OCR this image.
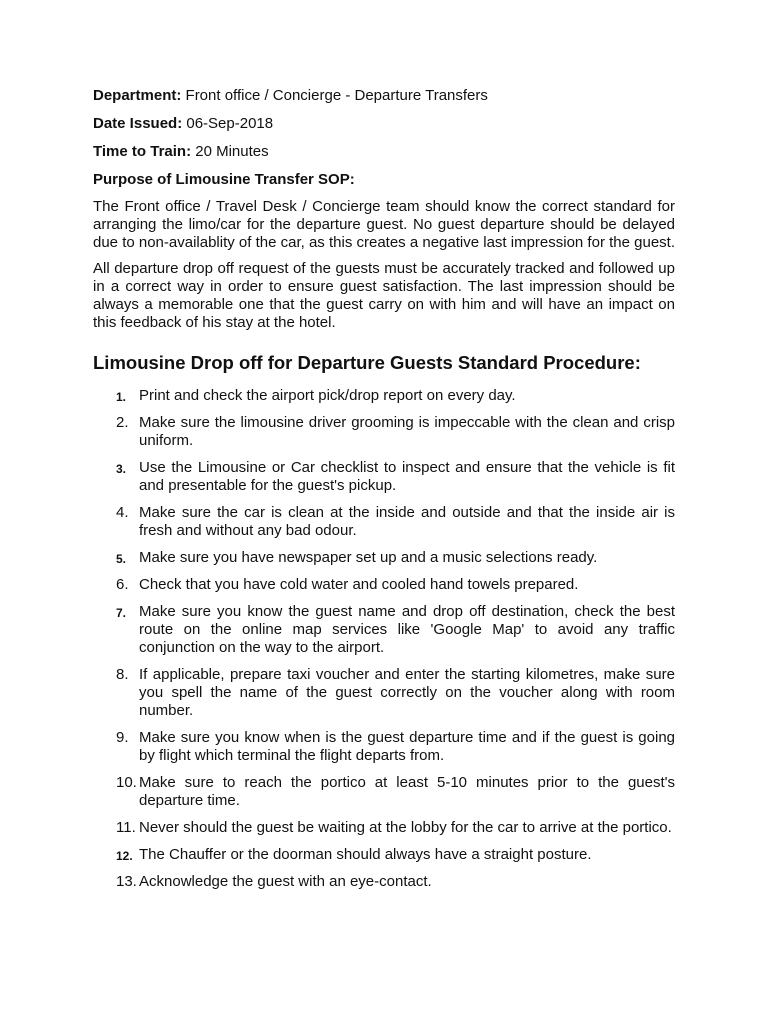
Department: Front office / Concierge - Departure Transfers

Date Issued: 06-Sep-2018

Time to Train: 20 Minutes

Purpose of Limousine Transfer SOP:

The Front office / Travel Desk / Concierge team should know the correct standard for arranging the limo/car for the departure guest. No guest departure should be delayed due to non-availablity of the car, as this creates a negative last impression for the guest.

All departure drop off request of the guests must be accurately tracked and followed up in a correct way in order to ensure guest satisfaction. The last impression should be always a memorable one that the guest carry on with him and will have an impact on this feedback of his stay at the hotel.

Limousine Drop off for Departure Guests Standard Procedure:
1. Print and check the airport pick/drop report on every day.
2. Make sure the limousine driver grooming is impeccable with the clean and crisp uniform.
3. Use the Limousine or Car checklist to inspect and ensure that the vehicle is fit and presentable for the guest's pickup.
4. Make sure the car is clean at the inside and outside and that the inside air is fresh and without any bad odour.
5. Make sure you have newspaper set up and a music selections ready.
6. Check that you have cold water and cooled hand towels prepared.
7. Make sure you know the guest name and drop off destination, check the best route on the online map services like 'Google Map' to avoid any traffic conjunction on the way to the airport.
8. If applicable, prepare taxi voucher and enter the starting kilometres, make sure you spell the name of the guest correctly on the voucher along with room number.
9. Make sure you know when is the guest departure time and if the guest is going by flight which terminal the flight departs from.
10. Make sure to reach the portico at least 5-10 minutes prior to the guest's departure time.
11. Never should the guest be waiting at the lobby for the car to arrive at the portico.
12. The Chauffer or the doorman should always have a straight posture.
13. Acknowledge the guest with an eye-contact.
